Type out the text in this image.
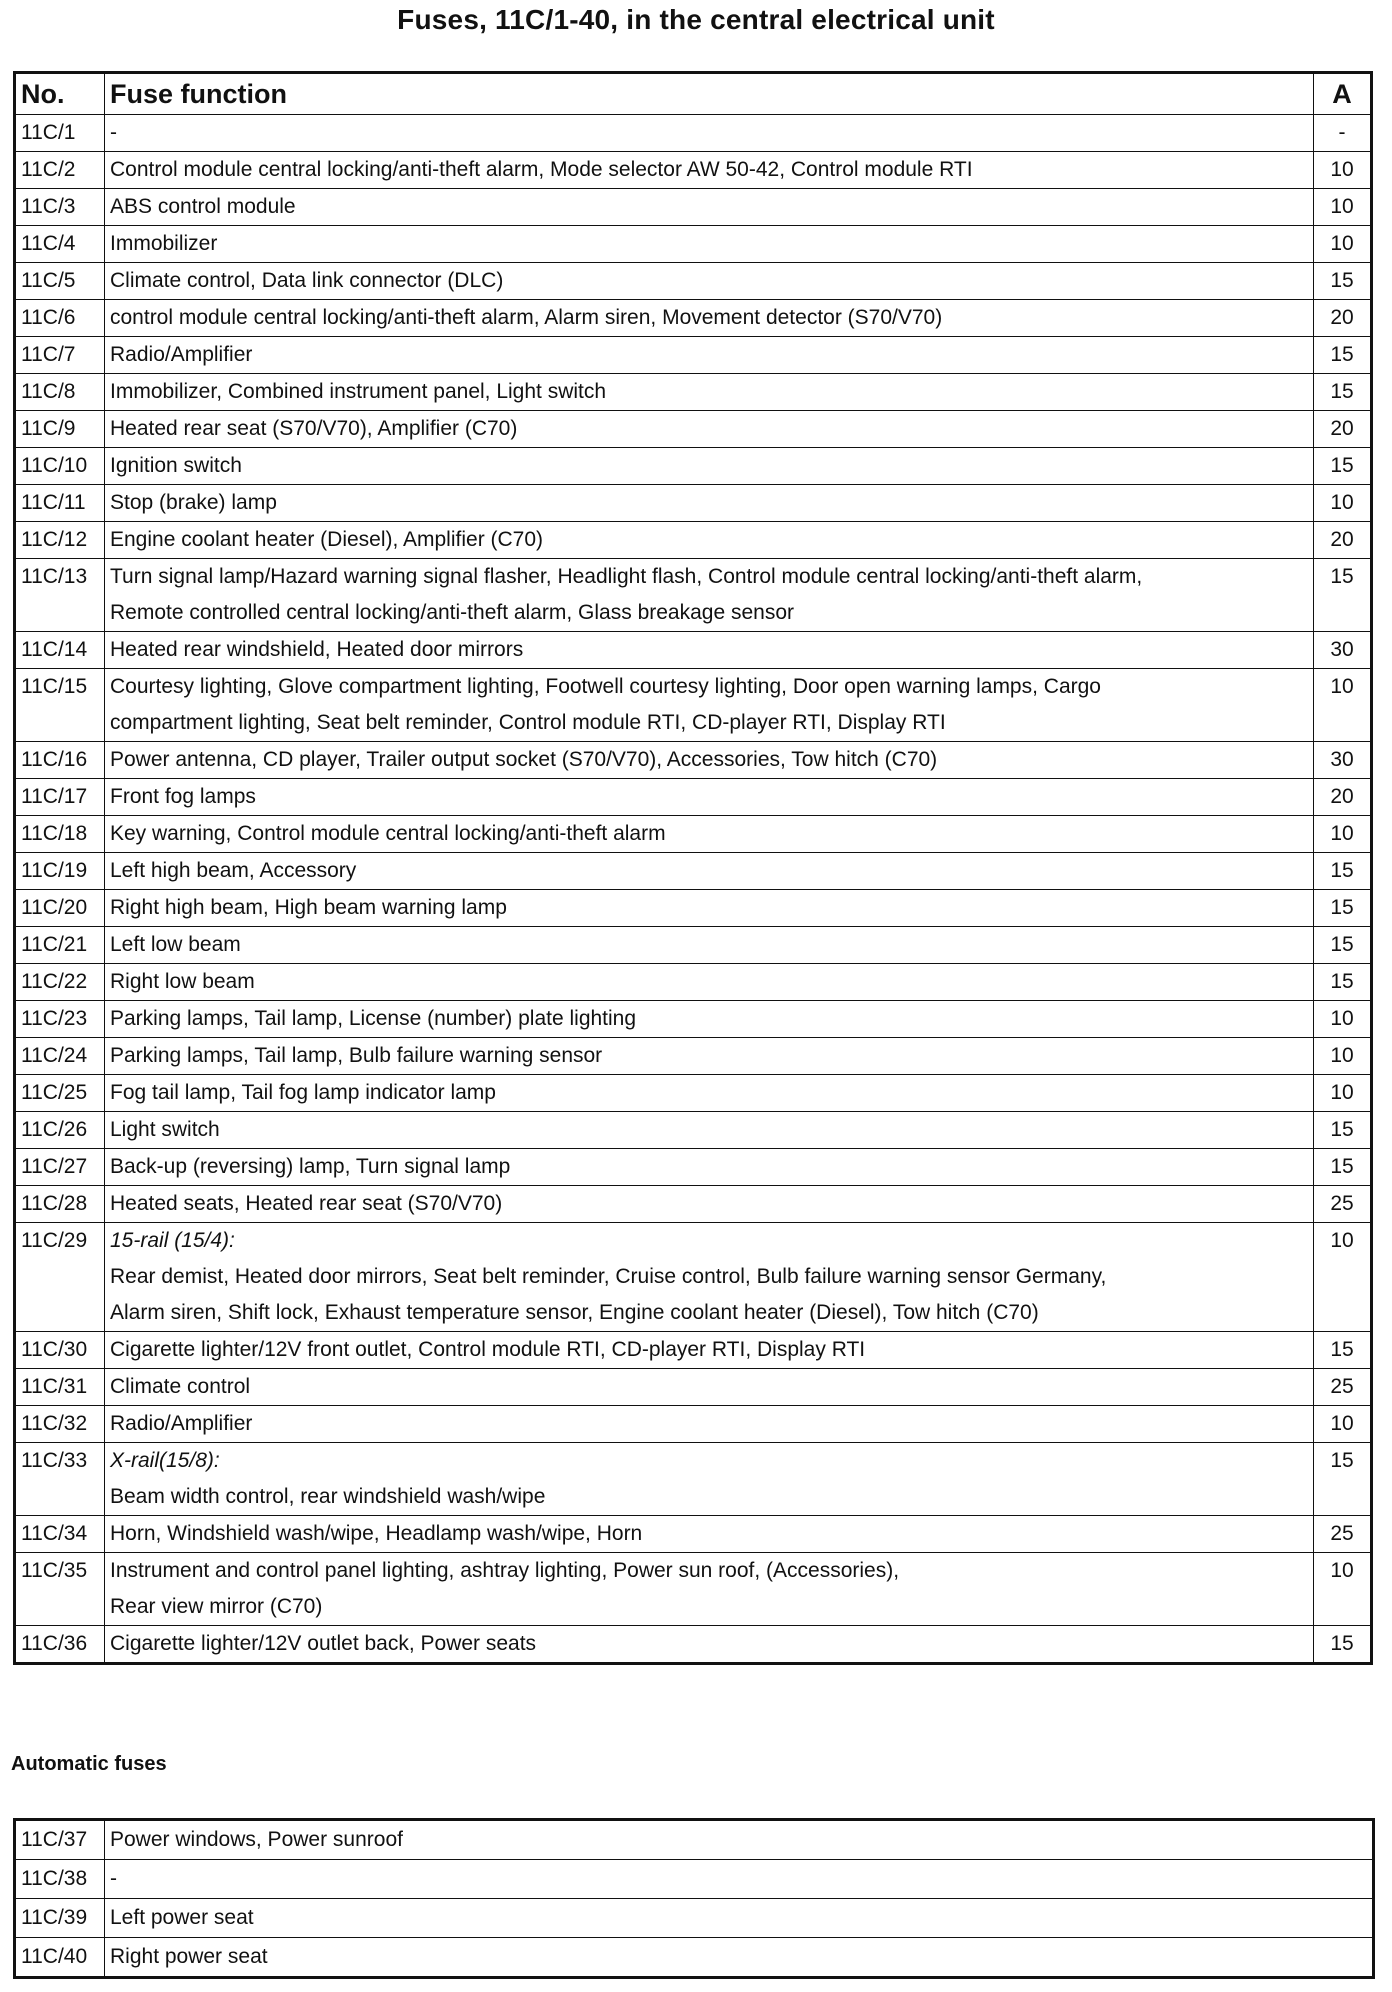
Fuses, 11C/1-40, in the central electrical unit
No.	Fuse function	A
11C/1	-	-
11C/2	Control module central locking/anti-theft alarm, Mode selector AW 50-42, Control module RTI	10
11C/3	ABS control module	10
11C/4	Immobilizer	10
11C/5	Climate control, Data link connector (DLC)	15
11C/6	control module central locking/anti-theft alarm, Alarm siren, Movement detector (S70/V70)	20
11C/7	Radio/Amplifier	15
11C/8	Immobilizer, Combined instrument panel, Light switch	15
11C/9	Heated rear seat (S70/V70), Amplifier (C70)	20
11C/10	Ignition switch	15
11C/11	Stop (brake) lamp	10
11C/12	Engine coolant heater (Diesel), Amplifier (C70)	20
11C/13	Turn signal lamp/Hazard warning signal flasher, Headlight flash, Control module central locking/anti-theft alarm,
Remote controlled central locking/anti-theft alarm, Glass breakage sensor	15
11C/14	Heated rear windshield, Heated door mirrors	30
11C/15	Courtesy lighting, Glove compartment lighting, Footwell courtesy lighting, Door open warning lamps, Cargo
compartment lighting, Seat belt reminder, Control module RTI, CD-player RTI, Display RTI	10
11C/16	Power antenna, CD player, Trailer output socket (S70/V70), Accessories, Tow hitch (C70)	30
11C/17	Front fog lamps	20
11C/18	Key warning, Control module central locking/anti-theft alarm	10
11C/19	Left high beam, Accessory	15
11C/20	Right high beam, High beam warning lamp	15
11C/21	Left low beam	15
11C/22	Right low beam	15
11C/23	Parking lamps, Tail lamp, License (number) plate lighting	10
11C/24	Parking lamps, Tail lamp, Bulb failure warning sensor	10
11C/25	Fog tail lamp, Tail fog lamp indicator lamp	10
11C/26	Light switch	15
11C/27	Back-up (reversing) lamp, Turn signal lamp	15
11C/28	Heated seats, Heated rear seat (S70/V70)	25
11C/29	15-rail (15/4):
Rear demist, Heated door mirrors, Seat belt reminder, Cruise control, Bulb failure warning sensor Germany,
Alarm siren, Shift lock, Exhaust temperature sensor, Engine coolant heater (Diesel), Tow hitch (C70)	10
11C/30	Cigarette lighter/12V front outlet, Control module RTI, CD-player RTI, Display RTI	15
11C/31	Climate control	25
11C/32	Radio/Amplifier	10
11C/33	X-rail(15/8):
Beam width control, rear windshield wash/wipe	15
11C/34	Horn, Windshield wash/wipe, Headlamp wash/wipe, Horn	25
11C/35	Instrument and control panel lighting, ashtray lighting, Power sun roof, (Accessories),
Rear view mirror (C70)	10
11C/36	Cigarette lighter/12V outlet back, Power seats	15
Automatic fuses
11C/37	Power windows, Power sunroof
11C/38	-
11C/39	Left power seat
11C/40	Right power seat
